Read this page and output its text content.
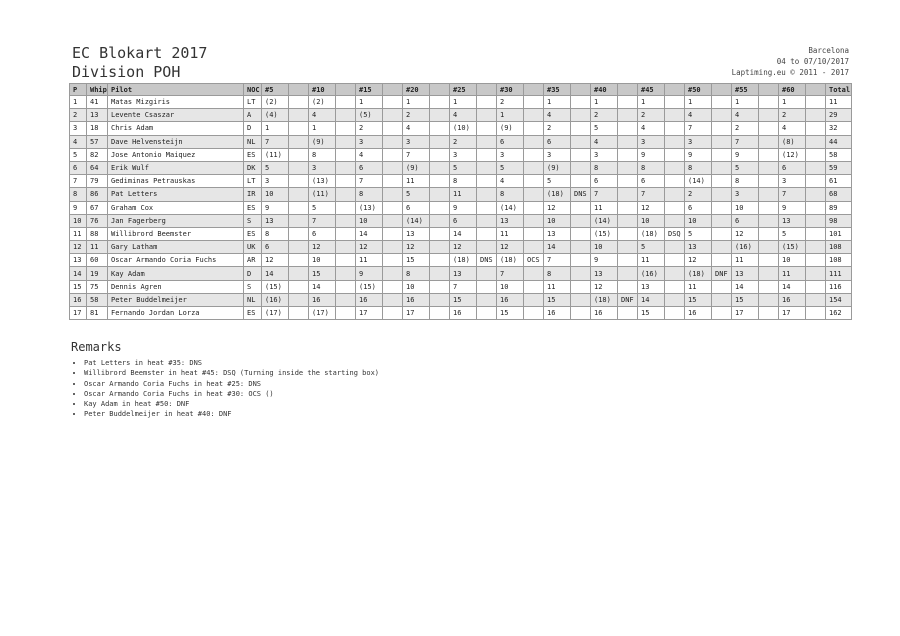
EC Blokart 2017
Division POH
Barcelona
04 to 07/10/2017
Laptiming.eu © 2011 - 2017
P	Whip	Pilot	NOC	#5		#10		#15		#20		#25		#30		#35		#40		#45		#50		#55		#60		Total
1	41	Matas Mizgiris	LT	(2)		(2)		1		1		1		2		1		1		1		1		1		1		11
2	13	Levente Csaszar	A	(4)		4		(5)		2		4		1		4		2		2		4		4		2		29
3	18	Chris Adam	D	1		1		2		4		(10)		(9)		2		5		4		7		2		4		32
4	57	Dave Helvensteijn	NL	7		(9)		3		3		2		6		6		4		3		3		7		(8)		44
5	82	Jose Antonio Maiquez	ES	(11)		8		4		7		3		3		3		3		9		9		9		(12)		58
6	64	Erik Wulf	DK	5		3		6		(9)		5		5		(9)		8		8		8		5		6		59
7	79	Gediminas Petrauskas	LT	3		(13)		7		11		8		4		5		6		6		(14)		8		3		61
8	86	Pat Letters	IR	10		(11)		8		5		11		8		(18)	DNS	7		7		2		3		7		68
9	67	Graham Cox	ES	9		5		(13)		6		9		(14)		12		11		12		6		10		9		89
10	76	Jan Fagerberg	S	13		7		10		(14)		6		13		10		(14)		10		10		6		13		98
11	88	Willibrord Beemster	ES	8		6		14		13		14		11		13		(15)		(18)	DSQ	5		12		5		101
12	11	Gary Latham	UK	6		12		12		12		12		12		14		10		5		13		(16)		(15)		108
13	60	Oscar Armando Coria Fuchs	AR	12		10		11		15		(18)	DNS	(18)	OCS	7		9		11		12		11		10		108
14	19	Kay Adam	D	14		15		9		8		13		7		8		13		(16)		(18)	DNF	13		11		111
15	75	Dennis Agren	S	(15)		14		(15)		10		7		10		11		12		13		11		14		14		116
16	58	Peter Buddelmeijer	NL	(16)		16		16		16		15		16		15		(18)	DNF	14		15		15		16		154
17	81	Fernando Jordan Lorza	ES	(17)		(17)		17		17		16		15		16		16		15		16		17		17		162
Remarks
• Pat Letters in heat #35: DNS
• Willibrord Beemster in heat #45: DSQ (Turning inside the starting box)
• Oscar Armando Coria Fuchs in heat #25: DNS
• Oscar Armando Coria Fuchs in heat #30: OCS ()
• Kay Adam in heat #50: DNF
• Peter Buddelmeijer in heat #40: DNF
